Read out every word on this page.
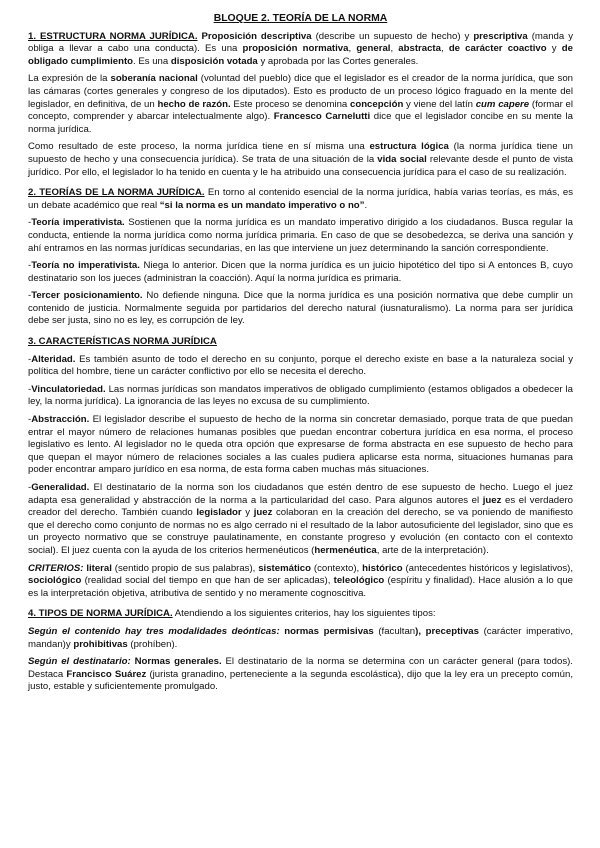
BLOQUE 2. TEORÍA DE LA NORMA

1. ESTRUCTURA NORMA JURÍDICA. Proposición descriptiva (describe un supuesto de hecho) y prescriptiva (manda y obliga a llevar a cabo una conducta). Es una proposición normativa, general, abstracta, de carácter coactivo y de obligado cumplimiento. Es una disposición votada y aprobada por las Cortes generales.

La expresión de la soberanía nacional (voluntad del pueblo) dice que el legislador es el creador de la norma jurídica, que son las cámaras (cortes generales y congreso de los diputados). Esto es producto de un proceso lógico fraguado en la mente del legislador, en definitiva, de un hecho de razón. Este proceso se denomina concepción y viene del latín cum capere (formar el concepto, comprender y abarcar intelectualmente algo). Francesco Carnelutti dice que el legislador concibe en su mente la norma jurídica.

Como resultado de este proceso, la norma jurídica tiene en sí misma una estructura lógica (la norma jurídica tiene un supuesto de hecho y una consecuencia jurídica). Se trata de una situación de la vida social relevante desde el punto de vista jurídico. Por ello, el legislador lo ha tenido en cuenta y le ha atribuido una consecuencia jurídica para el caso de su realización.

2. TEORÍAS DE LA NORMA JURÍDICA. En torno al contenido esencial de la norma jurídica, había varias teorías, es más, es un debate académico que real “si la norma es un mandato imperativo o no”.

-Teoría imperativista. Sostienen que la norma jurídica es un mandato imperativo dirigido a los ciudadanos. Busca regular la conducta, entiende la norma jurídica como norma jurídica primaria. En caso de que se desobedezca, se deriva una sanción y ahí entramos en las normas jurídicas secundarias, en las que interviene un juez determinando la sanción correspondiente.

-Teoría no imperativista. Niega lo anterior. Dicen que la norma jurídica es un juicio hipotético del tipo si A entonces B, cuyo destinatario son los jueces (administran la coacción). Aquí la norma jurídica es primaria.

-Tercer posicionamiento. No defiende ninguna. Dice que la norma jurídica es una posición normativa que debe cumplir un contenido de justicia. Normalmente seguida por partidarios del derecho natural (iusnaturalismo). La norma para ser jurídica debe ser justa, sino no es ley, es corrupción de ley.

3. CARACTERÍSTICAS NORMA JURÍDICA

-Alteridad. Es también asunto de todo el derecho en su conjunto, porque el derecho existe en base a la naturaleza social y política del hombre, tiene un carácter conflictivo por ello se necesita el derecho.

-Vinculatoriedad. Las normas jurídicas son mandatos imperativos de obligado cumplimiento (estamos obligados a obedecer la ley, la norma jurídica). La ignorancia de las leyes no excusa de su cumplimiento.

-Abstracción. El legislador describe el supuesto de hecho de la norma sin concretar demasiado, porque trata de que puedan entrar el mayor número de relaciones humanas posibles que puedan encontrar cobertura jurídica en esa norma, el proceso legislativo es lento. Al legislador no le queda otra opción que expresarse de forma abstracta en ese supuesto de hecho para que quepan el mayor número de relaciones sociales a las cuales pudiera aplicarse esta norma, situaciones humanas para poder encontrar amparo jurídico en esa norma, de esta forma caben muchas más situaciones.

-Generalidad. El destinatario de la norma son los ciudadanos que estén dentro de ese supuesto de hecho. Luego el juez adapta esa generalidad y abstracción de la norma a la particularidad del caso. Para algunos autores el juez es el verdadero creador del derecho. También cuando legislador y juez colaboran en la creación del derecho, se va poniendo de manifiesto que el derecho como conjunto de normas no es algo cerrado ni el resultado de la labor autosuficiente del legislador, sino que es un proyecto normativo que se construye paulatinamente, en constante progreso y evolución (en contacto con el contexto social). El juez cuenta con la ayuda de los criterios hermenéuticos (hermenéutica, arte de la interpretación).

CRITERIOS: literal (sentido propio de sus palabras), sistemático (contexto), histórico (antecedentes históricos y legislativos), sociológico (realidad social del tiempo en que han de ser aplicadas), teleológico (espíritu y finalidad). Hace alusión a lo que es la interpretación objetiva, atributiva de sentido y no meramente cognoscitiva.

4. TIPOS DE NORMA JURÍDICA. Atendiendo a los siguientes criterios, hay los siguientes tipos:

Según el contenido hay tres modalidades deónticas: normas permisivas (facultan), preceptivas (carácter imperativo, mandan)y prohibitivas (prohíben).

Según el destinatario: Normas generales. El destinatario de la norma se determina con un carácter general (para todos). Destaca Francisco Suárez (jurista granadino, perteneciente a la segunda escolástica), dijo que la ley era un precepto común, justo, estable y suficientemente promulgado.
